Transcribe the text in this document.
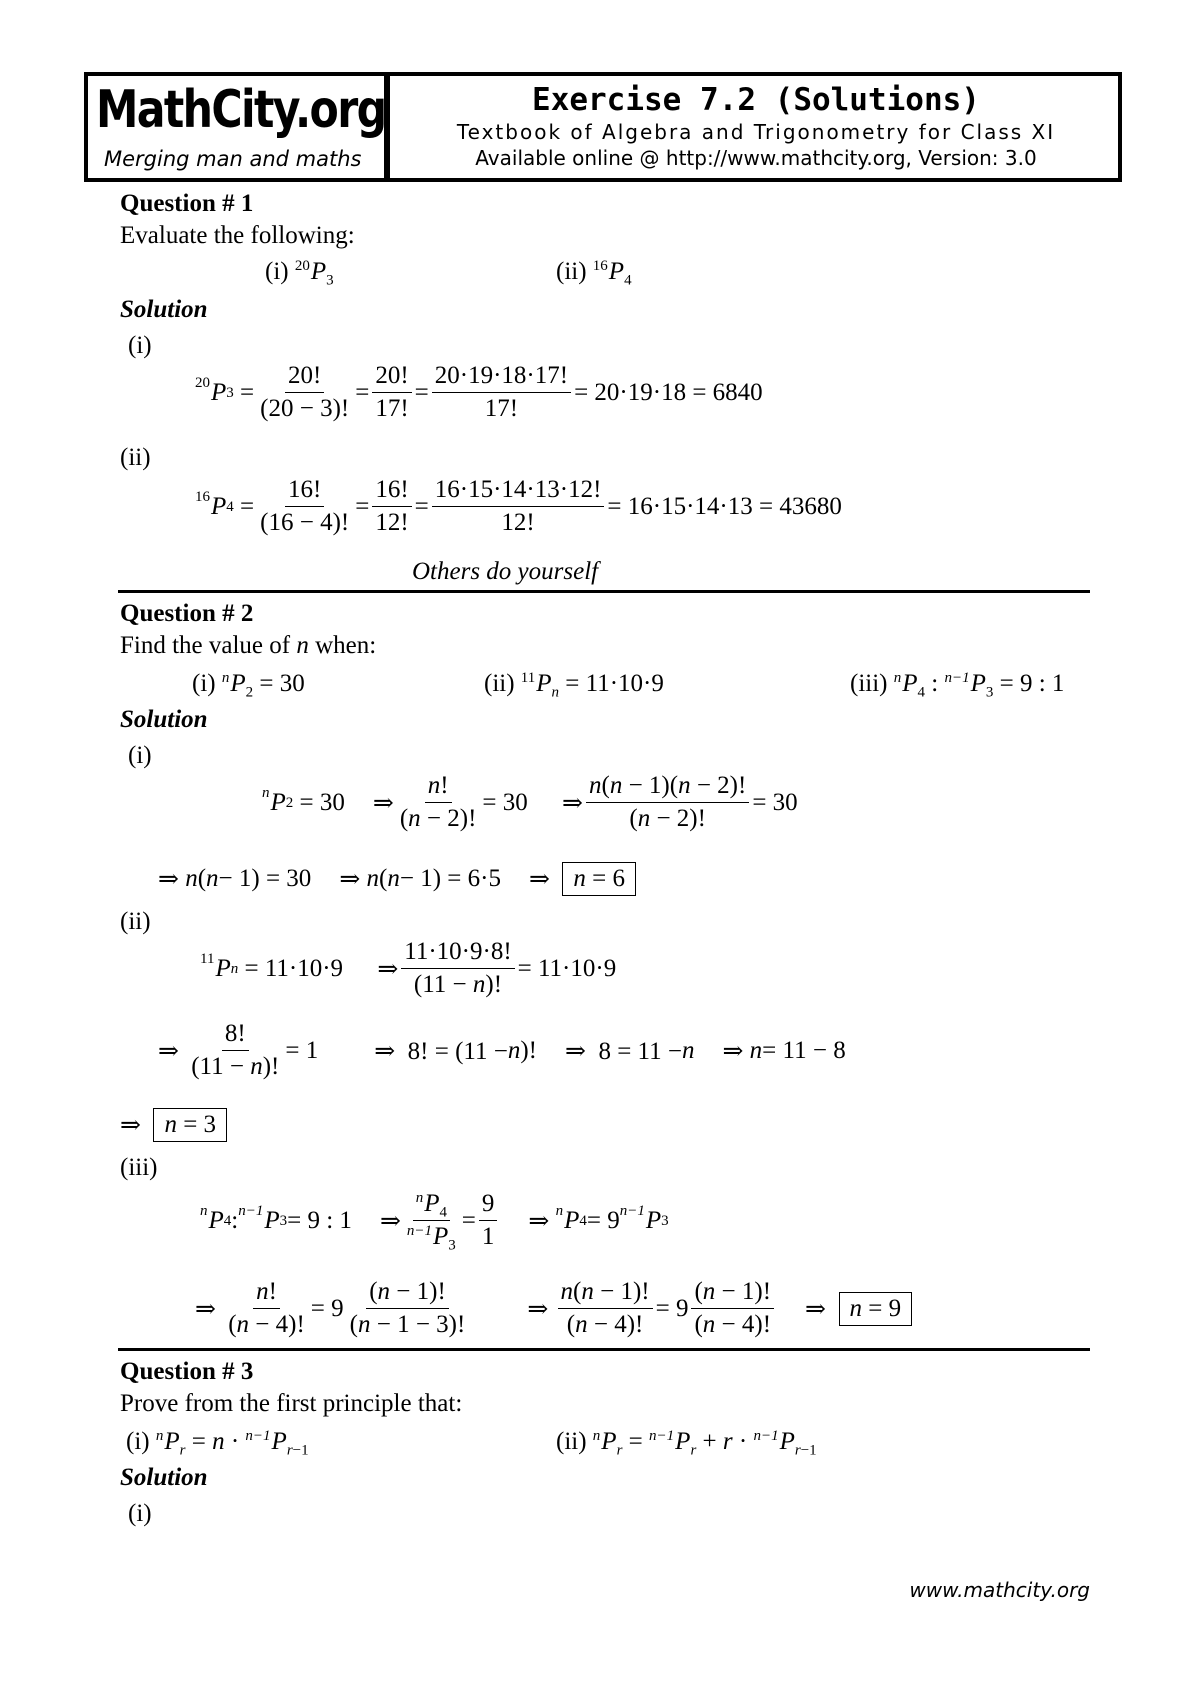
MathCity.org
Merging man and maths
Exercise 7.2 (Solutions)
Textbook of Algebra and Trigonometry for Class XI
Available online @ http://www.mathcity.org, Version: 3.0
Question # 1
Evaluate the following:
(i) $^{20}P_3$	(ii) $^{16}P_4$
Solution
(i)
20 P $3 = \frac{20!}{(20 - 3)!} = \frac{20!}{17!} = \frac{20\cdot 19\cdot 18\cdot 17!}{17!} = 20\cdot 19\cdot 18 = 6840$
(ii)
16 P $4 = \frac{16!}{(16 - 4)!} = \frac{16!}{12!} = \frac{16\cdot 15\cdot 14\cdot 13\cdot 12!}{12!} = 16\cdot 15\cdot 14\cdot 13 = 43680$
Others do yourself
Question # 2
Find the value of n when:
(i) $^nP_2 = 30$	(ii) $^{11}P_n = 11\cdot 10\cdot 9$	(iii) $^nP_4$ : $^{n-1}P_3 = 9$ : 1
Solution
(i)
n P 2 = 30 ⇒ $\frac{n!}{(n - 2)!} = 30$
⇒ $\frac{n(n - 1)(n - 2)!}{(n - 2)!} = 30$
⇒ n ( n − 1) = 30 ⇒ n ( n − 1) = 6·5 ⇒ n = 6
(ii)
11 P n = 11·10·9
⇒ $\frac{11\cdot 10\cdot 9\cdot 8!}{(11 - n)!} = 11\cdot 10\cdot 9$
⇒ $\frac{8!}{(11 - n)!} = 1$ ⇒  8! = (11 − n )! ⇒  8 = 11 − n ⇒ n = 11 − 8
⇒ n = 3
(iii)
n P 4 : n−1 P 3 = 9 : 1 ⇒ $\frac{^nP_4}{^{n-1}P_3} = \frac{9}{1}$ ⇒ n P 4 = 9 n−1 P 3
⇒ $\frac{n!}{(n - 4)!} = 9 \frac{(n - 1)!}{(n - 1 - 3)!}$ ⇒ $\frac{n(n - 1)!}{(n - 4)!} = 9 \frac{(n - 1)!}{(n - 4)!}$ ⇒ n = 9
Question # 3
Prove from the first principle that:
(i) $^nP_r = n \cdot ^{n-1}P_{r-1}$	(ii) $^nP_r = ^{n-1}P_r + r \cdot ^{n-1}P_{r-1}$
Solution
(i)
www.mathcity.org
